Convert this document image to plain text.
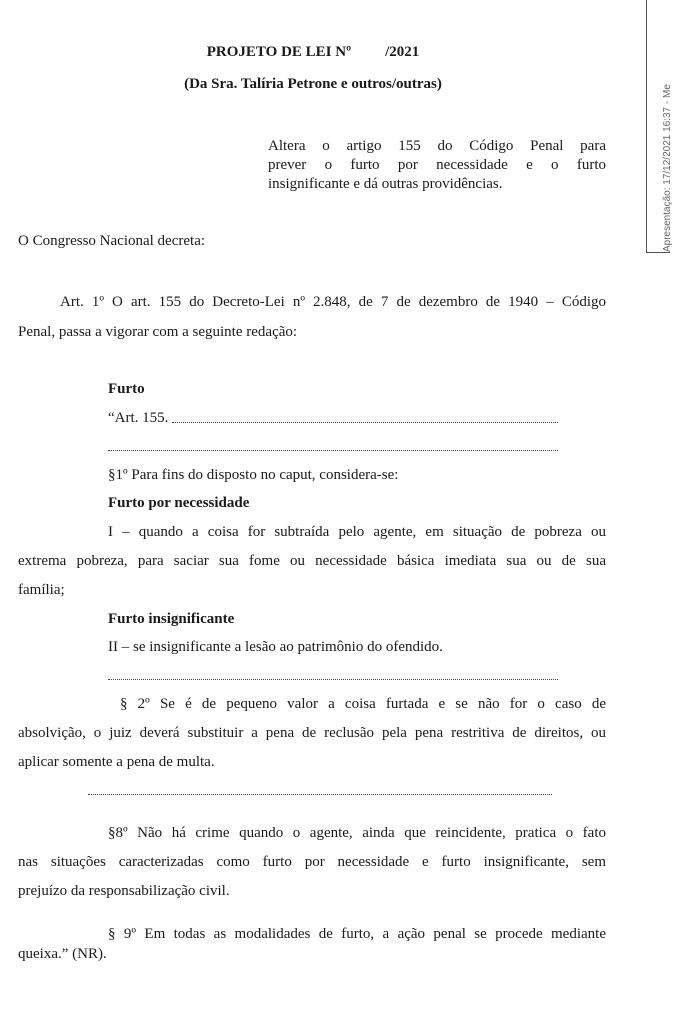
PROJETO DE LEI Nº /2021
(Da Sra. Talíria Petrone e outros/outras)
Altera o artigo 155 do Código Penal para
prever o furto por necessidade e o furto
insignificante e dá outras providências.
O Congresso Nacional decreta:
Art. 1º O art. 155 do Decreto-Lei nº 2.848, de 7 de dezembro de 1940 – Código
Penal, passa a vigorar com a seguinte redação:
Furto
“Art. 155.
§1º Para fins do disposto no caput, considera-se:
Furto por necessidade
I – quando a coisa for subtraída pelo agente, em situação de pobreza ou
extrema pobreza, para saciar sua fome ou necessidade básica imediata sua ou de sua
família;
Furto insignificante
II – se insignificante a lesão ao patrimônio do ofendido.
§ 2º Se é de pequeno valor a coisa furtada e se não for o caso de
absolvição, o juiz deverá substituir a pena de reclusão pela pena restritiva de direitos, ou
aplicar somente a pena de multa.
§8º Não há crime quando o agente, ainda que reincidente, pratica o fato
nas situações caracterizadas como furto por necessidade e furto insignificante, sem
prejuízo da responsabilização civil.
§ 9º Em todas as modalidades de furto, a ação penal se procede mediante
queixa.” (NR).
Apresentação: 17/12/2021 16:37 - Me
